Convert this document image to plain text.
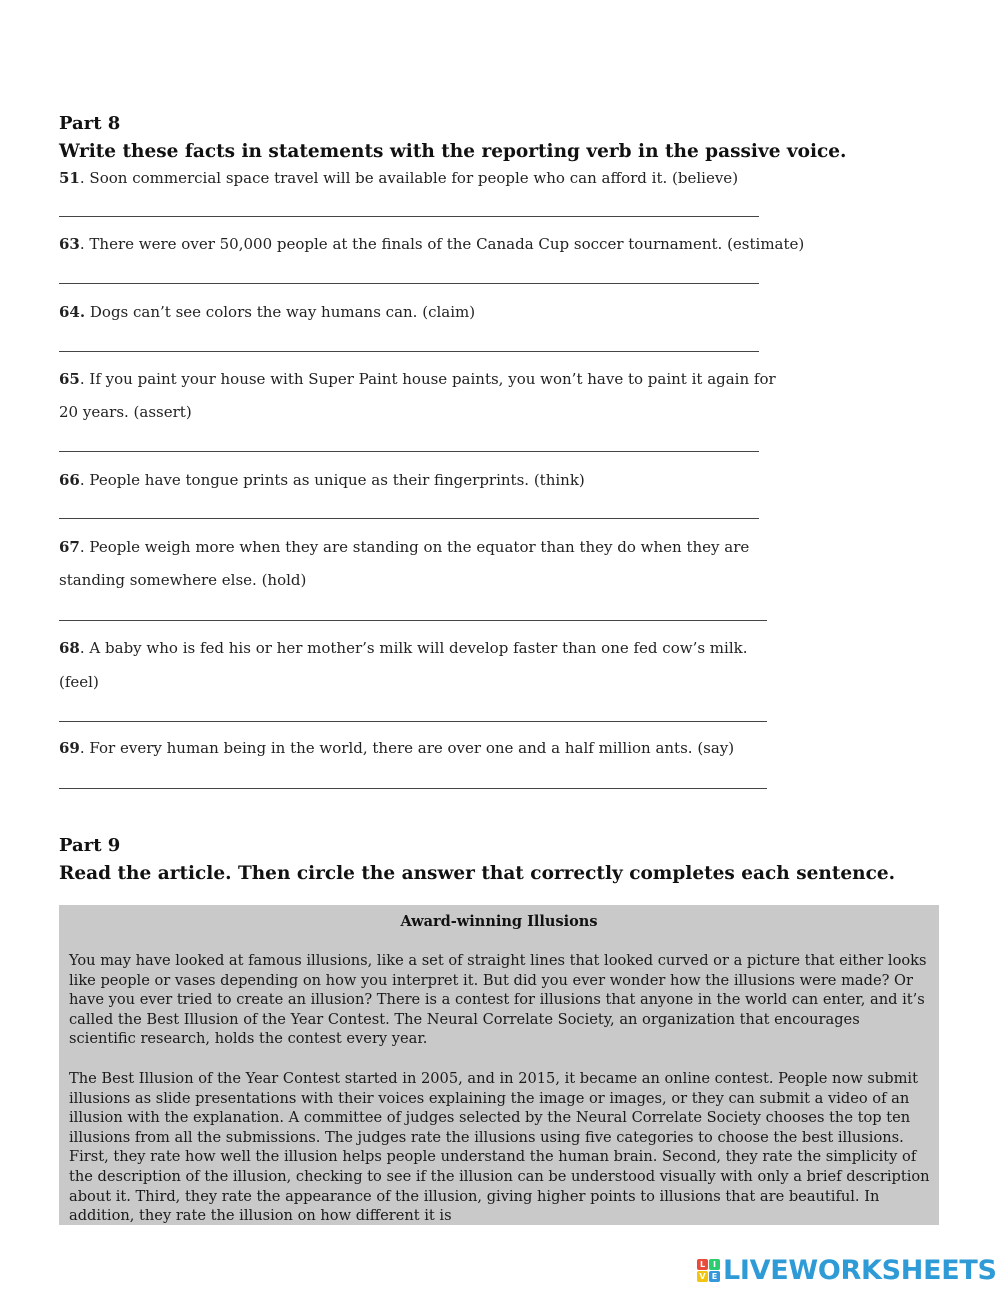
Part 8
Write these facts in statements with the reporting verb in the passive voice.
51. Soon commercial space travel will be available for people who can afford it. (believe)
63. There were over 50,000 people at the finals of the Canada Cup soccer tournament. (estimate)
64. Dogs can’t see colors the way humans can. (claim)
65. If you paint your house with Super Paint house paints, you won’t have to paint it again for
20 years. (assert)
66. People have tongue prints as unique as their fingerprints. (think)
67. People weigh more when they are standing on the equator than they do when they are
standing somewhere else. (hold)
68. A baby who is fed his or her mother’s milk will develop faster than one fed cow’s milk.
(feel)
69. For every human being in the world, there are over one and a half million ants. (say)
Part 9
Read the article. Then circle the answer that correctly completes each sentence.
Award-winning Illusions

You may have looked at famous illusions, like a set of straight lines that looked curved or a picture that either looks like people or vases depending on how you interpret it. But did you ever wonder how the illusions were made? Or have you ever tried to create an illusion? There is a contest for illusions that anyone in the world can enter, and it’s called the Best Illusion of the Year Contest. The Neural Correlate Society, an organization that encourages scientific research, holds the contest every year.

The Best Illusion of the Year Contest started in 2005, and in 2015, it became an online contest. People now submit illusions as slide presentations with their voices explaining the image or images, or they can submit a video of an illusion with the explanation. A committee of judges selected by the Neural Correlate Society chooses the top ten illusions from all the submissions. The judges rate the illusions using five categories to choose the best illusions. First, they rate how well the illusion helps people understand the human brain. Second, they rate the simplicity of the description of the illusion, checking to see if the illusion can be understood visually with only a brief description about it. Third, they rate the appearance of the illusion, giving higher points to illusions that are beautiful. In addition, they rate the illusion on how different it is

L I
V E LIVEWORKSHEETS
